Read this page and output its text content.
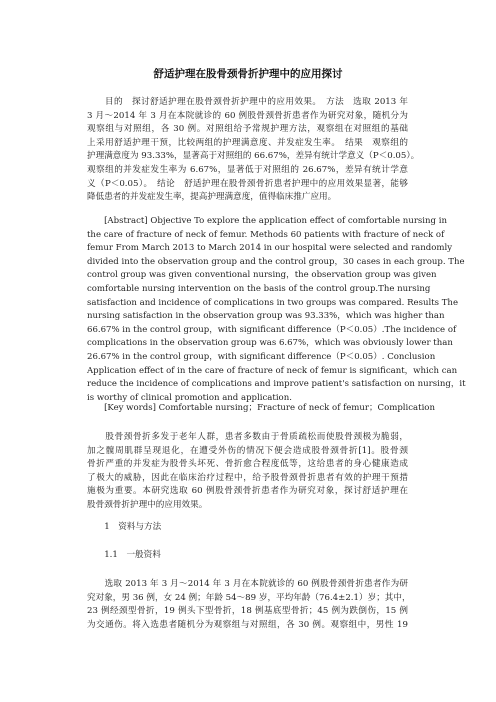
舒适护理在股骨颈骨折护理中的应用探讨
　　目的　探讨舒适护理在股骨颈骨折护理中的应用效果。　方法　选取 2013 年
3 月～2014 年 3 月在本院就诊的 60 例股骨颈骨折患者作为研究对象，随机分为
观察组与对照组，各 30 例。对照组给予常规护理方法，观察组在对照组的基础
上采用舒适护理干预，比较两组的护理满意度、并发症发生率。　结果　观察组的
护理满意度为 93.33%，显著高于对照组的 66.67%，差异有统计学意义（P＜0.05）。
观察组的并发症发生率为 6.67%，显著低于对照组的 26.67%，差异有统计学意
义（P＜0.05）。　结论　舒适护理在股骨颈骨折患者护理中的应用效果显著，能够
降低患者的并发症发生率，提高护理满意度，值得临床推广应用。
　　[Abstract] Objective To explore the application effect of comfortable nursing in
the care of fracture of neck of femur. Methods 60 patients with fracture of neck of
femur From March 2013 to March 2014 in our hospital were selected and randomly
divided into the observation group and the control group，30 cases in each group. The
control group was given conventional nursing，the observation group was given
comfortable nursing intervention on the basis of the control group.The nursing
satisfaction and incidence of complications in two groups was compared. Results The
nursing satisfaction in the observation group was 93.33%，which was higher than
66.67% in the control group，with significant difference（P＜0.05）.The incidence of
complications in the observation group was 6.67%，which was obviously lower than
26.67% in the control group，with significant difference（P＜0.05）. Conclusion
Application effect of in the care of fracture of neck of femur is significant，which can
reduce the incidence of complications and improve patient's satisfaction on nursing，it
is worthy of clinical promotion and application.
　　[Key words] Comfortable nursing；Fracture of neck of femur；Complication
　　股骨颈骨折多发于老年人群，患者多数由于骨质疏松而使股骨颈极为脆弱，
加之髋周肌群呈现退化，在遭受外伤的情况下便会造成股骨颈骨折[1]。股骨颈
骨折严重的并发症为股骨头坏死、骨折愈合程度低等，这给患者的身心健康造成
了极大的威胁，因此在临床治疗过程中，给予股骨颈骨折患者有效的护理干预措
施极为重要。本研究选取 60 例股骨颈骨折患者作为研究对象，探讨舒适护理在
股骨颈骨折护理中的应用效果。
　　1　资料与方法
　　1.1　一般资料
　　选取 2013 年 3 月～2014 年 3 月在本院就诊的 60 例股骨颈骨折患者作为研
究对象，男 36 例，女 24 例；年龄 54～89 岁，平均年龄（76.4±2.1）岁；其中，
23 例经颈型骨折，19 例头下型骨折，18 例基底型骨折；45 例为跌倒伤，15 例
为交通伤。将入选患者随机分为观察组与对照组，各 30 例。观察组中，男性 19
